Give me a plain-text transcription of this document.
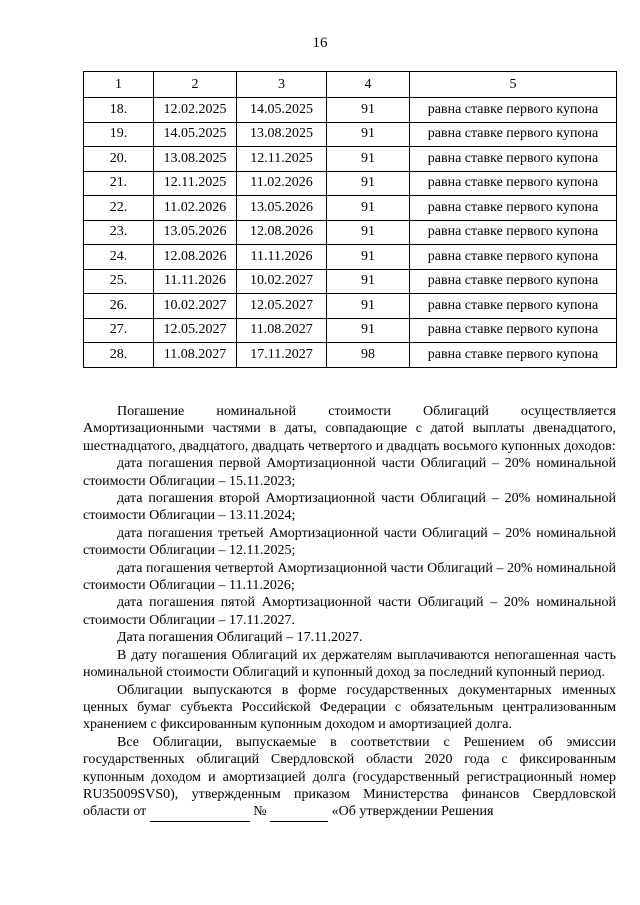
16
1	2	3	4	5
18.	12.02.2025	14.05.2025	91	равна ставке первого купона
19.	14.05.2025	13.08.2025	91	равна ставке первого купона
20.	13.08.2025	12.11.2025	91	равна ставке первого купона
21.	12.11.2025	11.02.2026	91	равна ставке первого купона
22.	11.02.2026	13.05.2026	91	равна ставке первого купона
23.	13.05.2026	12.08.2026	91	равна ставке первого купона
24.	12.08.2026	11.11.2026	91	равна ставке первого купона
25.	11.11.2026	10.02.2027	91	равна ставке первого купона
26.	10.02.2027	12.05.2027	91	равна ставке первого купона
27.	12.05.2027	11.08.2027	91	равна ставке первого купона
28.	11.08.2027	17.11.2027	98	равна ставке первого купона

Погашение номинальной стоимости Облигаций осуществляется Амортизационными частями в даты, совпадающие с датой выплаты двенадцатого, шестнадцатого, двадцатого, двадцать четвертого и двадцать восьмого купонных доходов:

дата погашения первой Амортизационной части Облигаций – 20% номинальной стоимости Облигации – 15.11.2023;

дата погашения второй Амортизационной части Облигаций – 20% номинальной стоимости Облигации – 13.11.2024;

дата погашения третьей Амортизационной части Облигаций – 20% номинальной стоимости Облигации – 12.11.2025;

дата погашения четвертой Амортизационной части Облигаций – 20% номинальной стоимости Облигации – 11.11.2026;

дата погашения пятой Амортизационной части Облигаций – 20% номинальной стоимости Облигации – 17.11.2027.

Дата погашения Облигаций – 17.11.2027.

В дату погашения Облигаций их держателям выплачиваются непогашенная часть номинальной стоимости Облигаций и купонный доход за последний купонный период.

Облигации выпускаются в форме государственных документарных именных ценных бумаг субъекта Российской Федерации с обязательным централизованным хранением с фиксированным купонным доходом и амортизацией долга.

Все Облигации, выпускаемые в соответствии с Решением об эмиссии государственных облигаций Свердловской области 2020 года с фиксированным купонным доходом и амортизацией долга (государственный регистрационный номер RU35009SVS0), утвержденным приказом Министерства финансов Свердловской области от	№	«Об утверждении Решения
